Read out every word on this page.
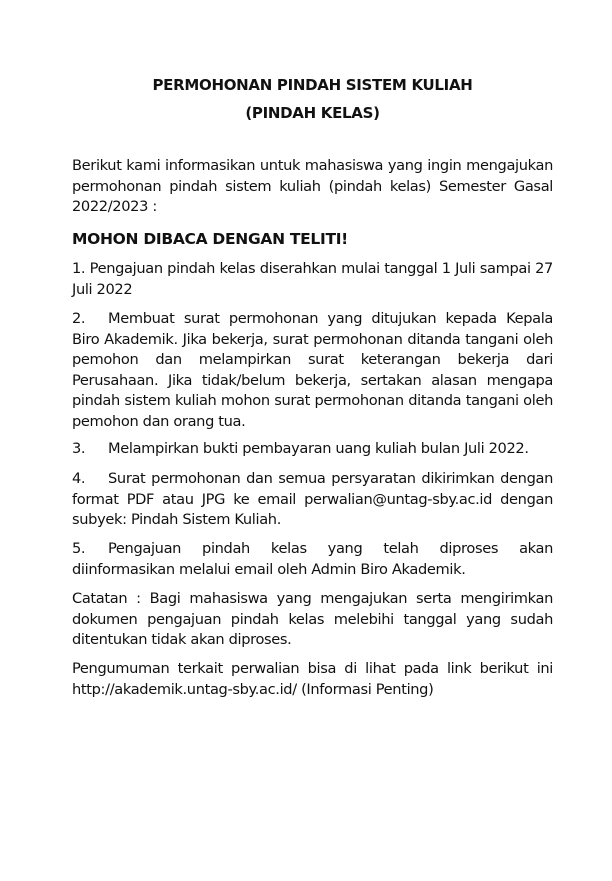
PERMOHONAN PINDAH SISTEM KULIAH
(PINDAH KELAS)

Berikut kami informasikan untuk mahasiswa yang ingin mengajukan permohonan pindah sistem kuliah (pindah kelas) Semester Gasal 2022/2023 :

MOHON DIBACA DENGAN TELITI!

1. Pengajuan pindah kelas diserahkan mulai tanggal 1 Juli sampai 27 Juli 2022

2. Membuat surat permohonan yang ditujukan kepada Kepala Biro Akademik. Jika bekerja, surat permohonan ditanda tangani oleh pemohon dan melampirkan surat keterangan bekerja dari Perusahaan. Jika tidak/belum bekerja, sertakan alasan mengapa pindah sistem kuliah mohon surat permohonan ditanda tangani oleh pemohon dan orang tua.

3. Melampirkan bukti pembayaran uang kuliah bulan Juli 2022.

4. Surat permohonan dan semua persyaratan dikirimkan dengan format PDF atau JPG ke email perwalian@untag-sby.ac.id dengan subyek: Pindah Sistem Kuliah.

5. Pengajuan pindah kelas yang telah diproses akan diinformasikan melalui email oleh Admin Biro Akademik.

Catatan : Bagi mahasiswa yang mengajukan serta mengirimkan dokumen pengajuan pindah kelas melebihi tanggal yang sudah ditentukan tidak akan diproses.

Pengumuman terkait perwalian bisa di lihat pada link berikut ini http://akademik.untag-sby.ac.id/ (Informasi Penting)
